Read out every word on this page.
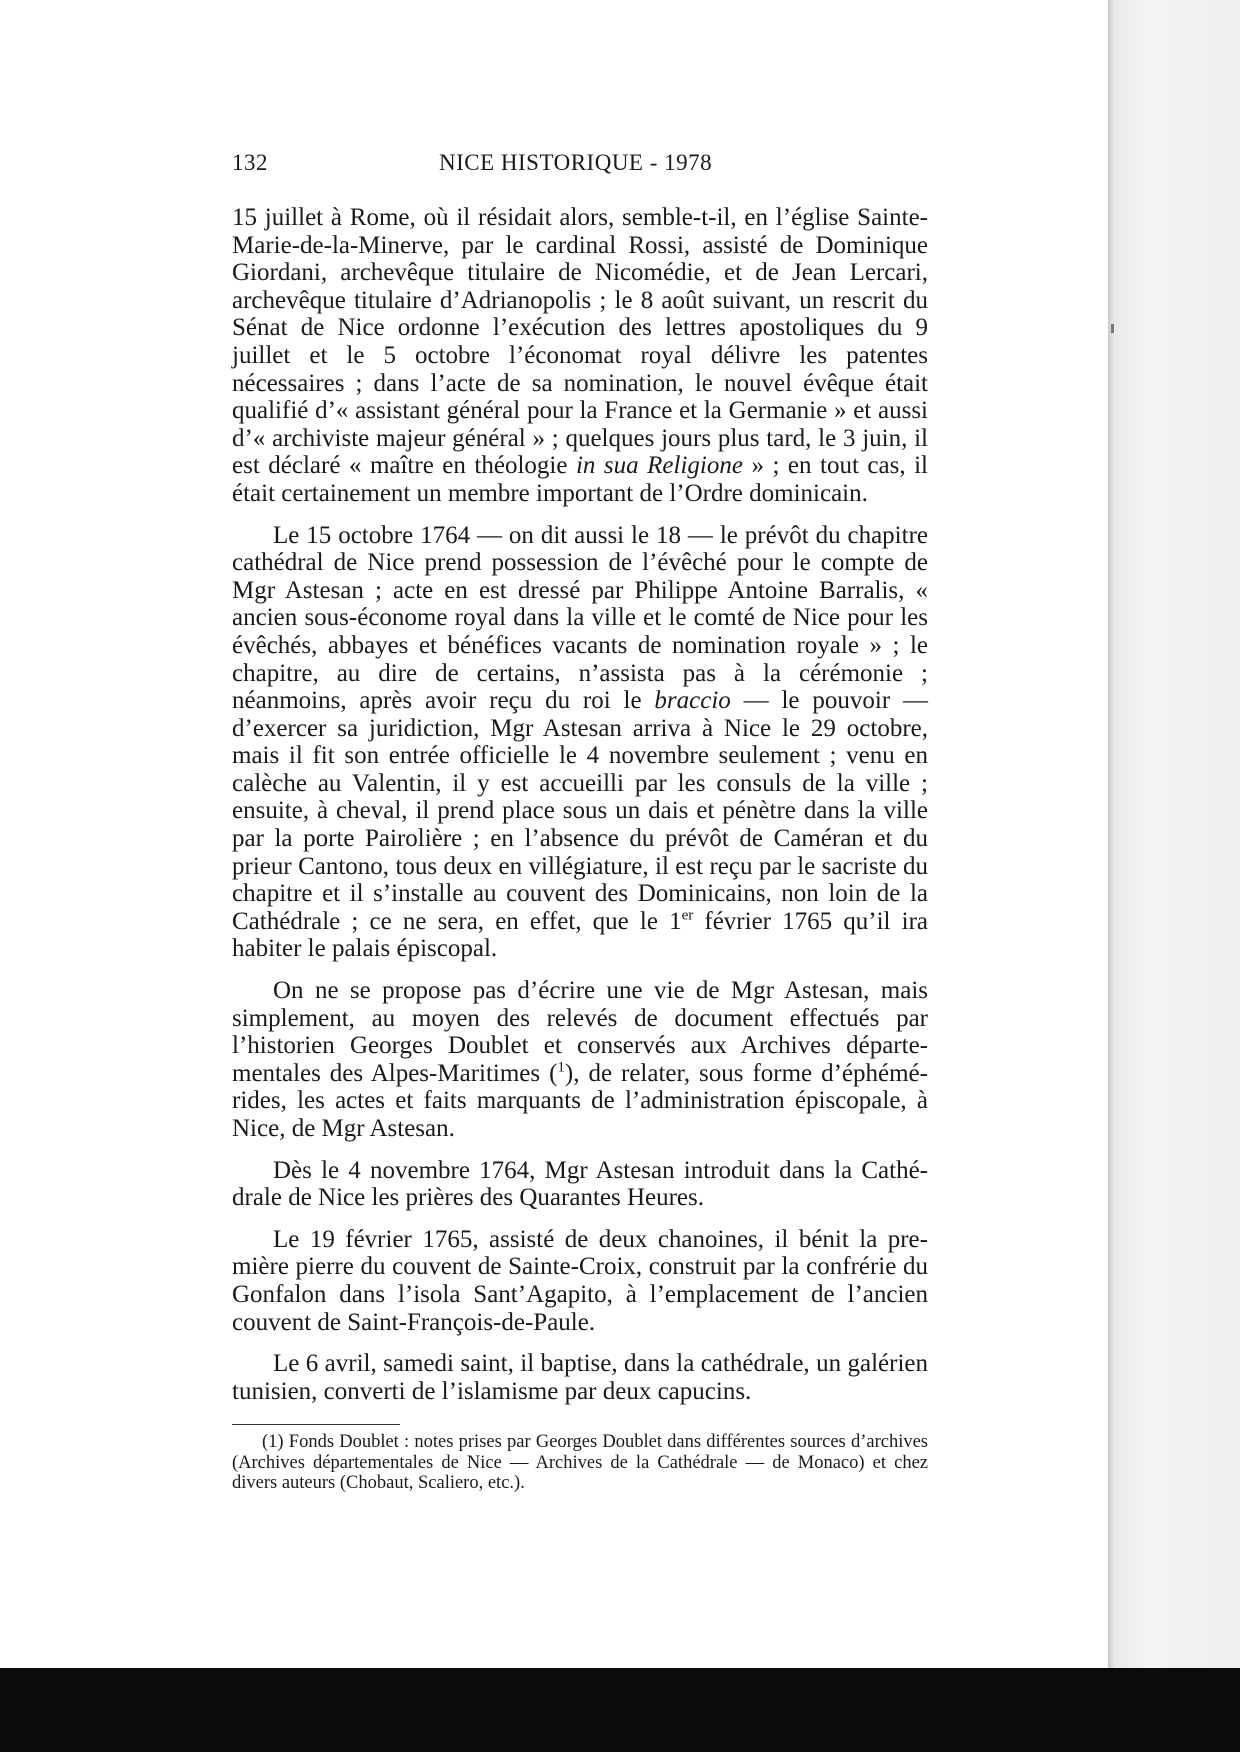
132	NICE HISTORIQUE - 1978

15 juillet à Rome, où il résidait alors, semble-t-il, en l’église Sainte-Marie-de-la-Minerve, par le cardinal Rossi, assisté de Dominique Giordani, archevêque titulaire de Nicomédie, et de Jean Lercari, archevêque titulaire d’Adrianopolis ; le 8 août suivant, un rescrit du Sénat de Nice ordonne l’exécution des lettres apostoliques du 9 juillet et le 5 octobre l’économat royal délivre les patentes nécessaires ; dans l’acte de sa nomination, le nouvel évêque était qualifié d’« assistant général pour la France et la Germanie » et aussi d’« archiviste majeur général » ; quelques jours plus tard, le 3 juin, il est déclaré « maître en théologie in sua Religione » ; en tout cas, il était certainement un membre important de l’Ordre dominicain.

Le 15 octobre 1764 — on dit aussi le 18 — le prévôt du chapitre cathédral de Nice prend possession de l’évêché pour le compte de Mgr Astesan ; acte en est dressé par Philippe Antoine Barralis, « ancien sous-économe royal dans la ville et le comté de Nice pour les évêchés, abbayes et bénéfices vacants de nomination royale » ; le chapitre, au dire de certains, n’assista pas à la cérémonie ; néanmoins, après avoir reçu du roi le braccio — le pouvoir — d’exercer sa juridiction, Mgr Astesan arriva à Nice le 29 octobre, mais il fit son entrée officielle le 4 novembre seulement ; venu en calèche au Valentin, il y est accueilli par les consuls de la ville ; ensuite, à cheval, il prend place sous un dais et pénètre dans la ville par la porte Pairolière ; en l’absence du prévôt de Caméran et du prieur Cantono, tous deux en villégiature, il est reçu par le sacriste du chapitre et il s’installe au couvent des Dominicains, non loin de la Cathédrale ; ce ne sera, en effet, que le 1er février 1765 qu’il ira habiter le palais épiscopal.

On ne se propose pas d’écrire une vie de Mgr Astesan, mais simplement, au moyen des relevés de document effectués par l’historien Georges Doublet et conservés aux Archives départementales des Alpes-Maritimes ($^1$), de relater, sous forme d’éphémérides, les actes et faits marquants de l’administration épiscopale, à Nice, de Mgr Astesan.

Dès le 4 novembre 1764, Mgr Astesan introduit dans la Cathédrale de Nice les prières des Quarantes Heures.

Le 19 février 1765, assisté de deux chanoines, il bénit la première pierre du couvent de Sainte-Croix, construit par la confrérie du Gonfalon dans l’isola Sant’Agapito, à l’emplacement de l’ancien couvent de Saint-François-de-Paule.

Le 6 avril, samedi saint, il baptise, dans la cathédrale, un galérien tunisien, converti de l’islamisme par deux capucins.

(1) Fonds Doublet : notes prises par Georges Doublet dans différentes sources d’archives (Archives départementales de Nice — Archives de la Cathédrale — de Monaco) et chez divers auteurs (Chobaut, Scaliero, etc.).
